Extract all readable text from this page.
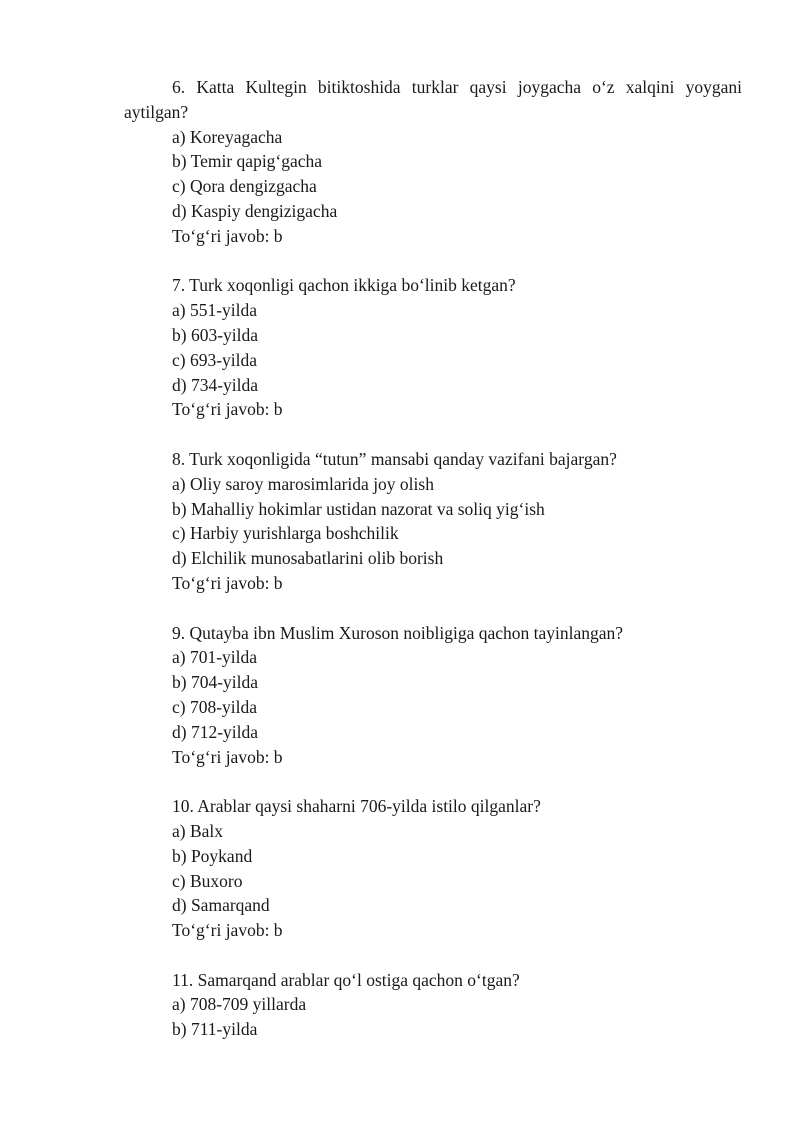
6. Katta Kultegin bitiktoshida turklar qaysi joygacha o‘z xalqini yoygani aytilgan?

a) Koreyagacha
b) Temir qapig‘gacha
c) Qora dengizgacha
d) Kaspiy dengizigacha
To‘g‘ri javob: b

7. Turk xoqonligi qachon ikkiga bo‘linib ketgan?

a) 551-yilda
b) 603-yilda
c) 693-yilda
d) 734-yilda
To‘g‘ri javob: b

8. Turk xoqonligida “tutun” mansabi qanday vazifani bajargan?

a) Oliy saroy marosimlarida joy olish
b) Mahalliy hokimlar ustidan nazorat va soliq yig‘ish
c) Harbiy yurishlarga boshchilik
d) Elchilik munosabatlarini olib borish
To‘g‘ri javob: b

9. Qutayba ibn Muslim Xuroson noibligiga qachon tayinlangan?

a) 701-yilda
b) 704-yilda
c) 708-yilda
d) 712-yilda
To‘g‘ri javob: b

10. Arablar qaysi shaharni 706-yilda istilo qilganlar?

a) Balx
b) Poykand
c) Buxoro
d) Samarqand
To‘g‘ri javob: b

11. Samarqand arablar qo‘l ostiga qachon o‘tgan?

a) 708-709 yillarda
b) 711-yilda
